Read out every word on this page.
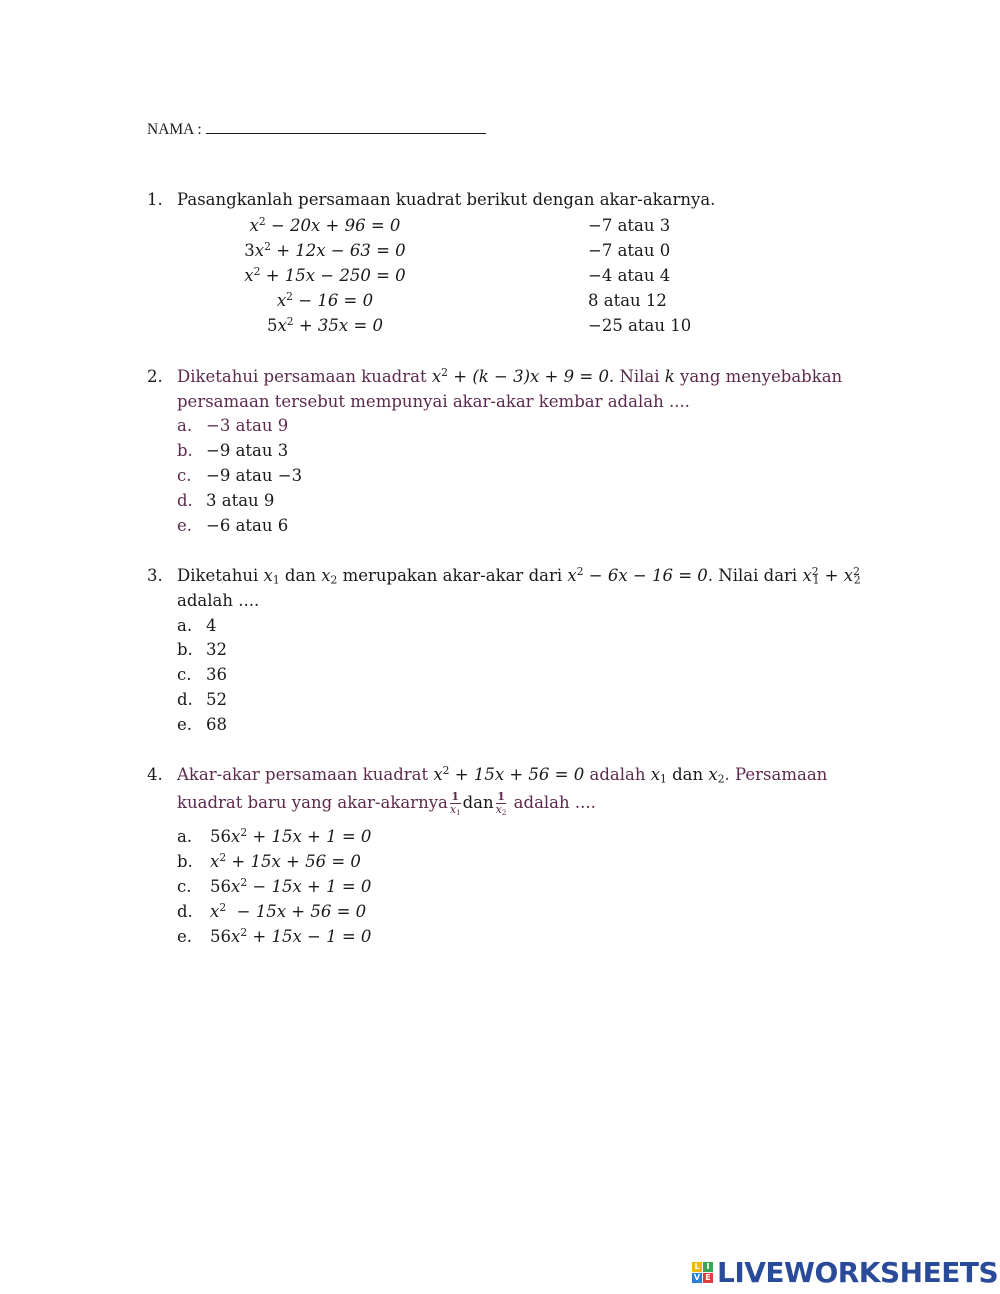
NAMA :
1. Pasangkanlah persamaan kuadrat berikut dengan akar-akarnya.
$x^2 - 20x + 96 = 0$
$3x^2 + 12x - 63 = 0$
$x^2 + 15x - 250 = 0$
$x^2 - 16 = 0$
$5x^2 + 35x = 0$
−7 atau 3
−7 atau 0
−4 atau 4
8 atau 12
−25 atau 10
2. Diketahui persamaan kuadrat $x^2 + (k - 3)x + 9 = 0$. Nilai k yang menyebabkan
persamaan tersebut mempunyai akar-akar kembar adalah ....
a. −3 atau 9
b. −9 atau 3
c. −9 atau −3
d. 3 atau 9
e. −6 atau 6
3. Diketahui $x_1$ dan $x_2$ merupakan akar-akar dari $x^2 - 6x - 16 = 0$. Nilai dari $x^2_1 + x^2_2$
adalah ....
a. 4
b. 32
c. 36
d. 52
e. 68
4. Akar-akar persamaan kuadrat $x^2 + 15x + 56 = 0$ adalah $x_1$ dan $x_2$. Persamaan
kuadrat baru yang akar-akarnya $\frac{1}{x_1}$ dan $\frac{1}{x_2}$ adalah ....
a. $56x^2 + 15x + 1 = 0$
b. $x^2 + 15x + 56 = 0$
c. $56x^2 - 15x + 1 = 0$
d. $x^2 - 15x + 56 = 0$
e. $56x^2 + 15x - 1 = 0$
L I
V E LIVEWORKSHEETS
